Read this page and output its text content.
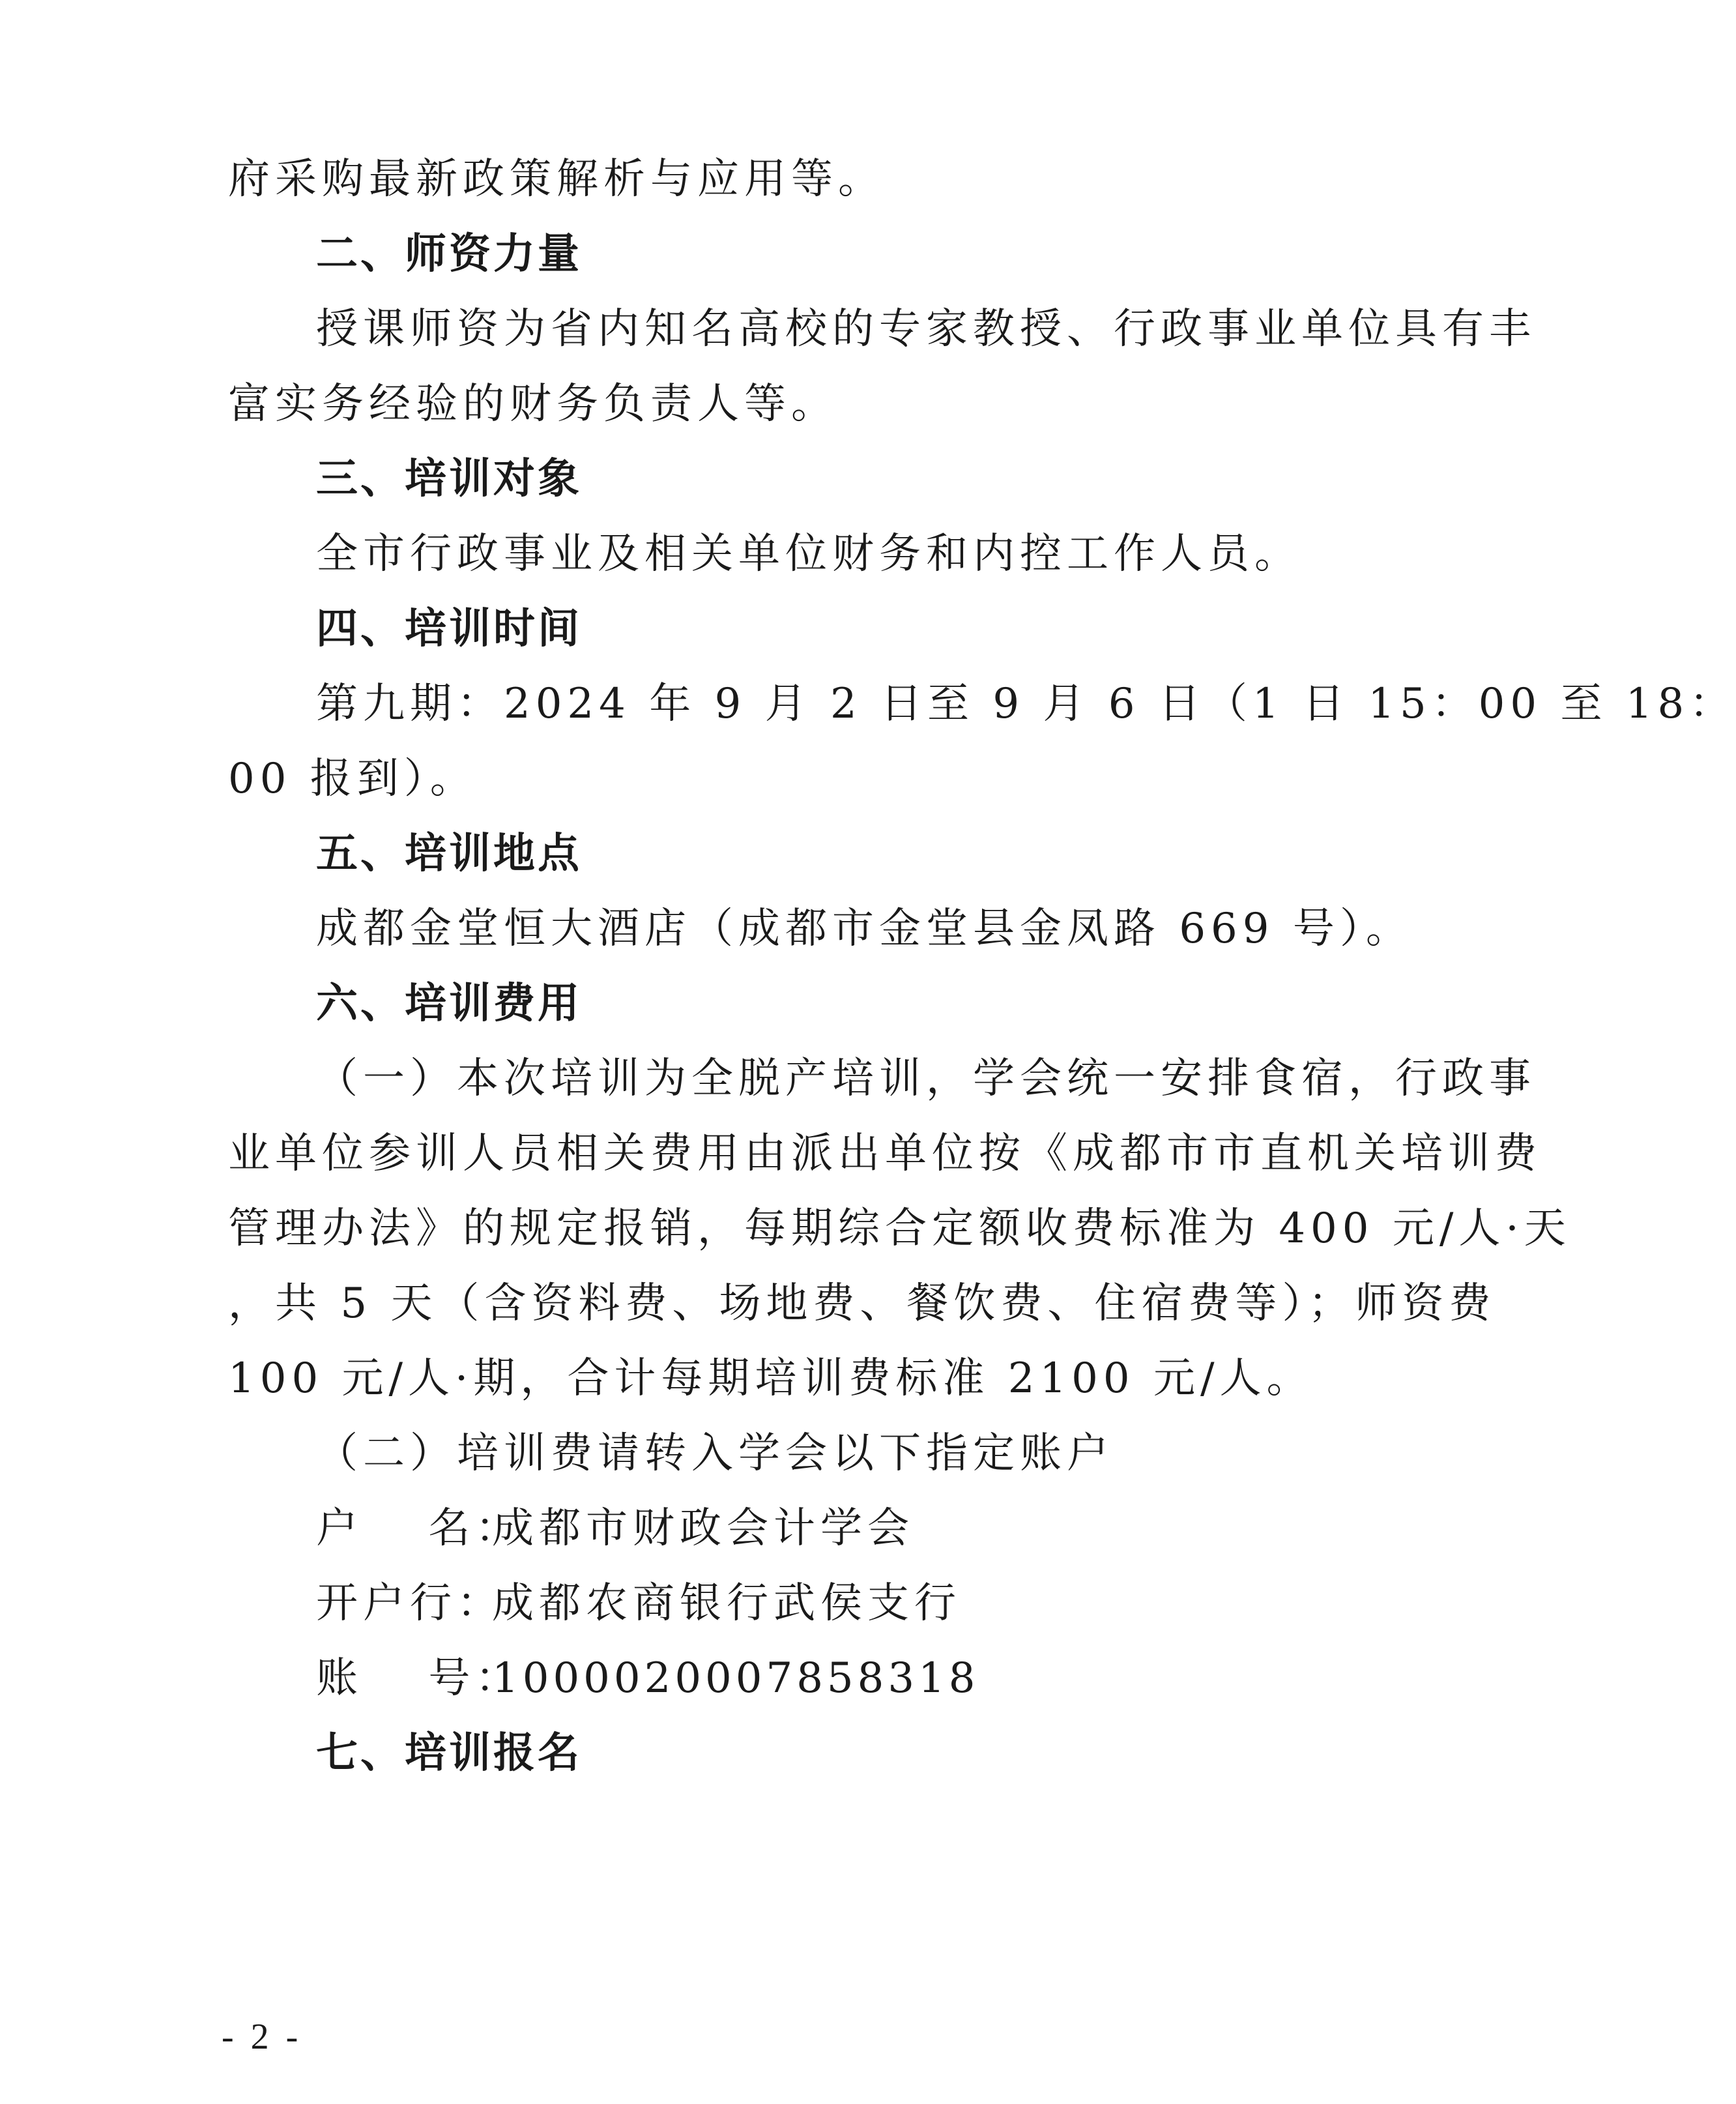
府采购最新政策解析与应用等。
二、师资力量
授课师资为省内知名高校的专家教授、行政事业单位具有丰
富实务经验的财务负责人等。
三、培训对象
全市行政事业及相关单位财务和内控工作人员。
四、培训时间
第九期：2024 年 9 月 2 日至 9 月 6 日（1 日 15：00 至 18：
00 报到）。
五、培训地点
成都金堂恒大酒店（成都市金堂县金凤路 669 号）。
六、培训费用
（一）本次培训为全脱产培训，学会统一安排食宿，行政事
业单位参训人员相关费用由派出单位按《成都市市直机关培训费
管理办法》的规定报销，每期综合定额收费标准为 400 元/人·天
，共 5 天（含资料费、场地费、餐饮费、住宿费等）；师资费
100 元/人·期，合计每期培训费标准 2100 元/人。
（二）培训费请转入学会以下指定账户
户　 名：成都市财政会计学会
开户行：成都农商银行武侯支行
账　 号：1000020007858318
七、培训报名
- 2 -
